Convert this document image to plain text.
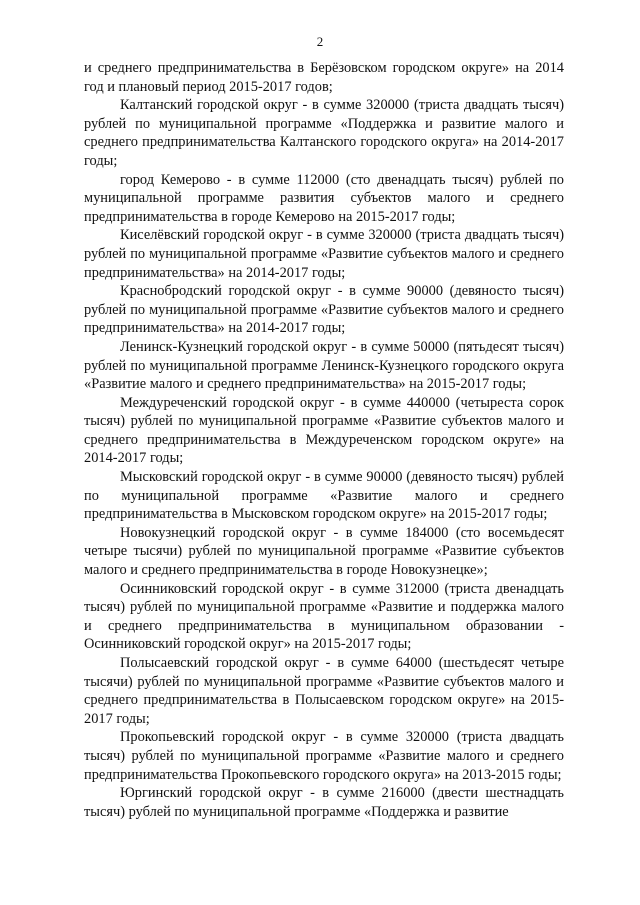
2

и среднего предпринимательства в Берёзовском городском округе» на 2014 год и плановый период 2015-2017 годов;

Калтанский городской округ - в сумме 320000 (триста двадцать тысяч) рублей по муниципальной программе «Поддержка и развитие малого и среднего предпринимательства Калтанского городского округа» на 2014-2017 годы;

город Кемерово - в сумме 112000 (сто двенадцать тысяч) рублей по муниципальной программе развития субъектов малого и среднего предпринимательства в городе Кемерово на 2015-2017 годы;

Киселёвский городской округ - в сумме 320000 (триста двадцать тысяч) рублей по муниципальной программе «Развитие субъектов малого и среднего предпринимательства» на 2014-2017 годы;

Краснобродский городской округ - в сумме 90000 (девяносто тысяч) рублей по муниципальной программе «Развитие субъектов малого и среднего предпринимательства» на 2014-2017 годы;

Ленинск-Кузнецкий городской округ - в сумме 50000 (пятьдесят тысяч) рублей по муниципальной программе Ленинск-Кузнецкого городского округа «Развитие малого и среднего предпринимательства» на 2015-2017 годы;

Междуреченский городской округ - в сумме 440000 (четыреста сорок тысяч) рублей по муниципальной программе «Развитие субъектов малого и среднего предпринимательства в Междуреченском городском округе» на 2014-2017 годы;

Мысковский городской округ - в сумме 90000 (девяносто тысяч) рублей по муниципальной программе «Развитие малого и среднего предпринимательства в Мысковском городском округе» на 2015-2017 годы;

Новокузнецкий городской округ - в сумме 184000 (сто восемьдесят четыре тысячи) рублей по муниципальной программе «Развитие субъектов малого и среднего предпринимательства в городе Новокузнецке»;

Осинниковский городской округ - в сумме 312000 (триста двенадцать тысяч) рублей по муниципальной программе «Развитие и поддержка малого и среднего предпринимательства в муниципальном образовании - Осинниковский городской округ» на 2015-2017 годы;

Полысаевский городской округ - в сумме 64000 (шестьдесят четыре тысячи) рублей по муниципальной программе «Развитие субъектов малого и среднего предпринимательства в Полысаевском городском округе» на 2015-2017 годы;

Прокопьевский городской округ - в сумме 320000 (триста двадцать тысяч) рублей по муниципальной программе «Развитие малого и среднего предпринимательства Прокопьевского городского округа» на 2013-2015 годы;

Юргинский городской округ - в сумме 216000 (двести шестнадцать тысяч) рублей по муниципальной программе «Поддержка и развитие
